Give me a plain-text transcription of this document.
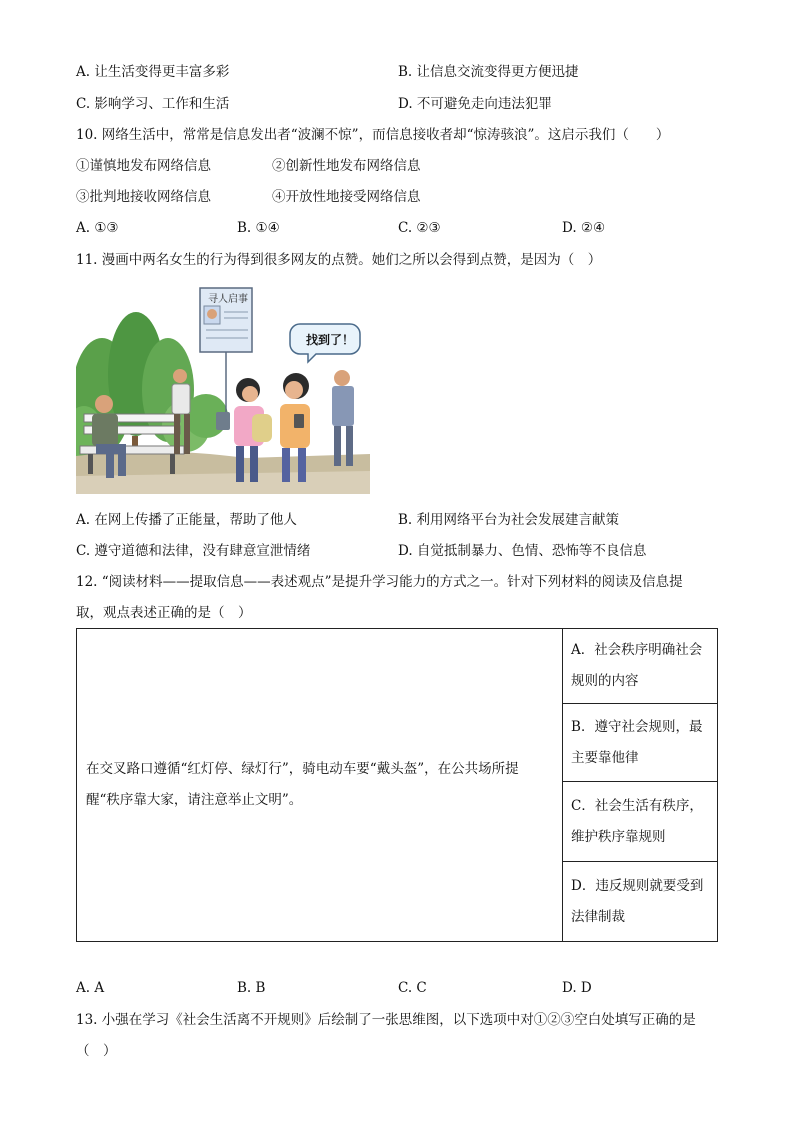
A. 让生活变得更丰富多彩	B. 让信息交流变得更方便迅捷
C. 影响学习、工作和生活	D. 不可避免走向违法犯罪
10. 网络生活中，常常是信息发出者“波澜不惊”，而信息接收者却“惊涛骇浪”。这启示我们（　　）
①谨慎地发布网络信息	②创新性地发布网络信息
③批判地接收网络信息	④开放性地接受网络信息
A. ①③	B. ①④	C. ②③	D. ②④
11. 漫画中两名女生的行为得到很多网友的点赞。她们之所以会得到点赞，是因为（　）
寻人启事
找到了！
A. 在网上传播了正能量，帮助了他人	B. 利用网络平台为社会发展建言献策
C. 遵守道德和法律，没有肆意宣泄情绪	D. 自觉抵制暴力、色情、恐怖等不良信息
12. “阅读材料——提取信息——表述观点”是提升学习能力的方式之一。针对下列材料的阅读及信息提
取，观点表述正确的是（　）
在交叉路口遵循“红灯停、绿灯行”，骑电动车要“戴头盔”，在公共场所提醒“秩序靠大家，请注意举止文明”。	A．社会秩序明确社会规则的内容
B．遵守社会规则，最主要靠他律
C．社会生活有秩序，维护秩序靠规则
D．违反规则就要受到法律制裁
A. A	B. B	C. C	D. D
13. 小强在学习《社会生活离不开规则》后绘制了一张思维图，以下选项中对①②③空白处填写正确的是
（　）
